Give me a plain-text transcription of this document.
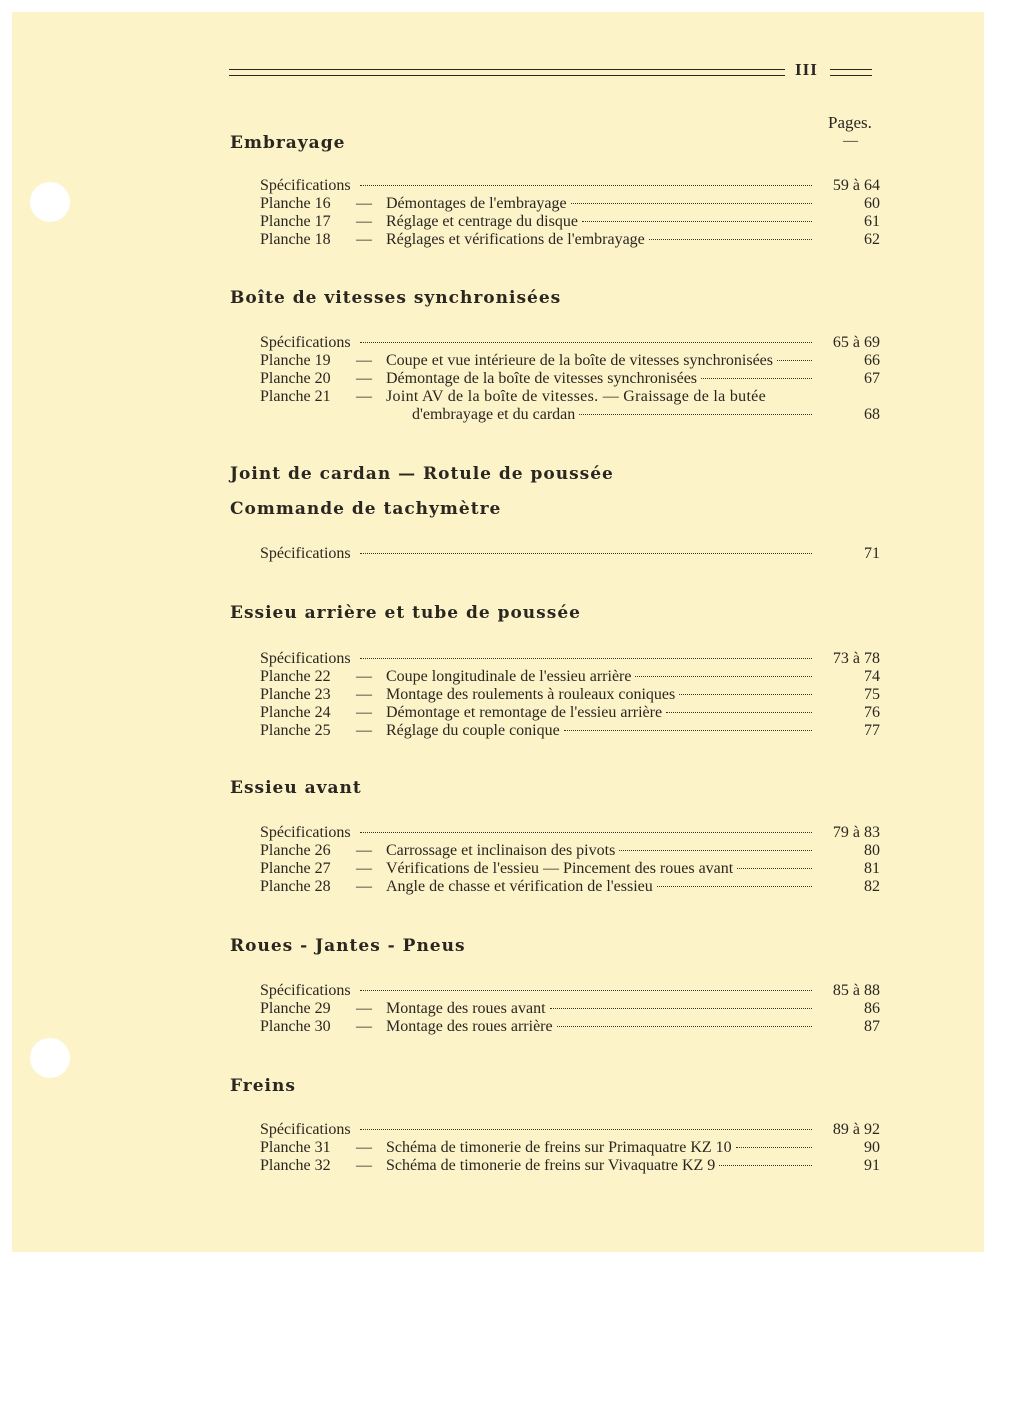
III
Pages.
—
Embrayage
Spécifications	59 à 64
Planche 16	— Démontages de l'embrayage	60
Planche 17	— Réglage et centrage du disque	61
Planche 18	— Réglages et vérifications de l'embrayage	62
Boîte de vitesses synchronisées
Spécifications	65 à 69
Planche 19	— Coupe et vue intérieure de la boîte de vitesses synchronisées	66
Planche 20	— Démontage de la boîte de vitesses synchronisées	67
Planche 21	— Joint AV de la boîte de vitesses. — Graissage de la butée
d'embrayage et du cardan	68
Joint de cardan — Rotule de poussée
Commande de tachymètre
Spécifications	71
Essieu arrière et tube de poussée
Spécifications	73 à 78
Planche 22	— Coupe longitudinale de l'essieu arrière	74
Planche 23	— Montage des roulements à rouleaux coniques	75
Planche 24	— Démontage et remontage de l'essieu arrière	76
Planche 25	— Réglage du couple conique	77
Essieu avant
Spécifications	79 à 83
Planche 26	— Carrossage et inclinaison des pivots	80
Planche 27	— Vérifications de l'essieu — Pincement des roues avant	81
Planche 28	— Angle de chasse et vérification de l'essieu	82
Roues - Jantes - Pneus
Spécifications	85 à 88
Planche 29	— Montage des roues avant	86
Planche 30	— Montage des roues arrière	87
Freins
Spécifications	89 à 92
Planche 31	— Schéma de timonerie de freins sur Primaquatre KZ 10	90
Planche 32	— Schéma de timonerie de freins sur Vivaquatre KZ 9	91
